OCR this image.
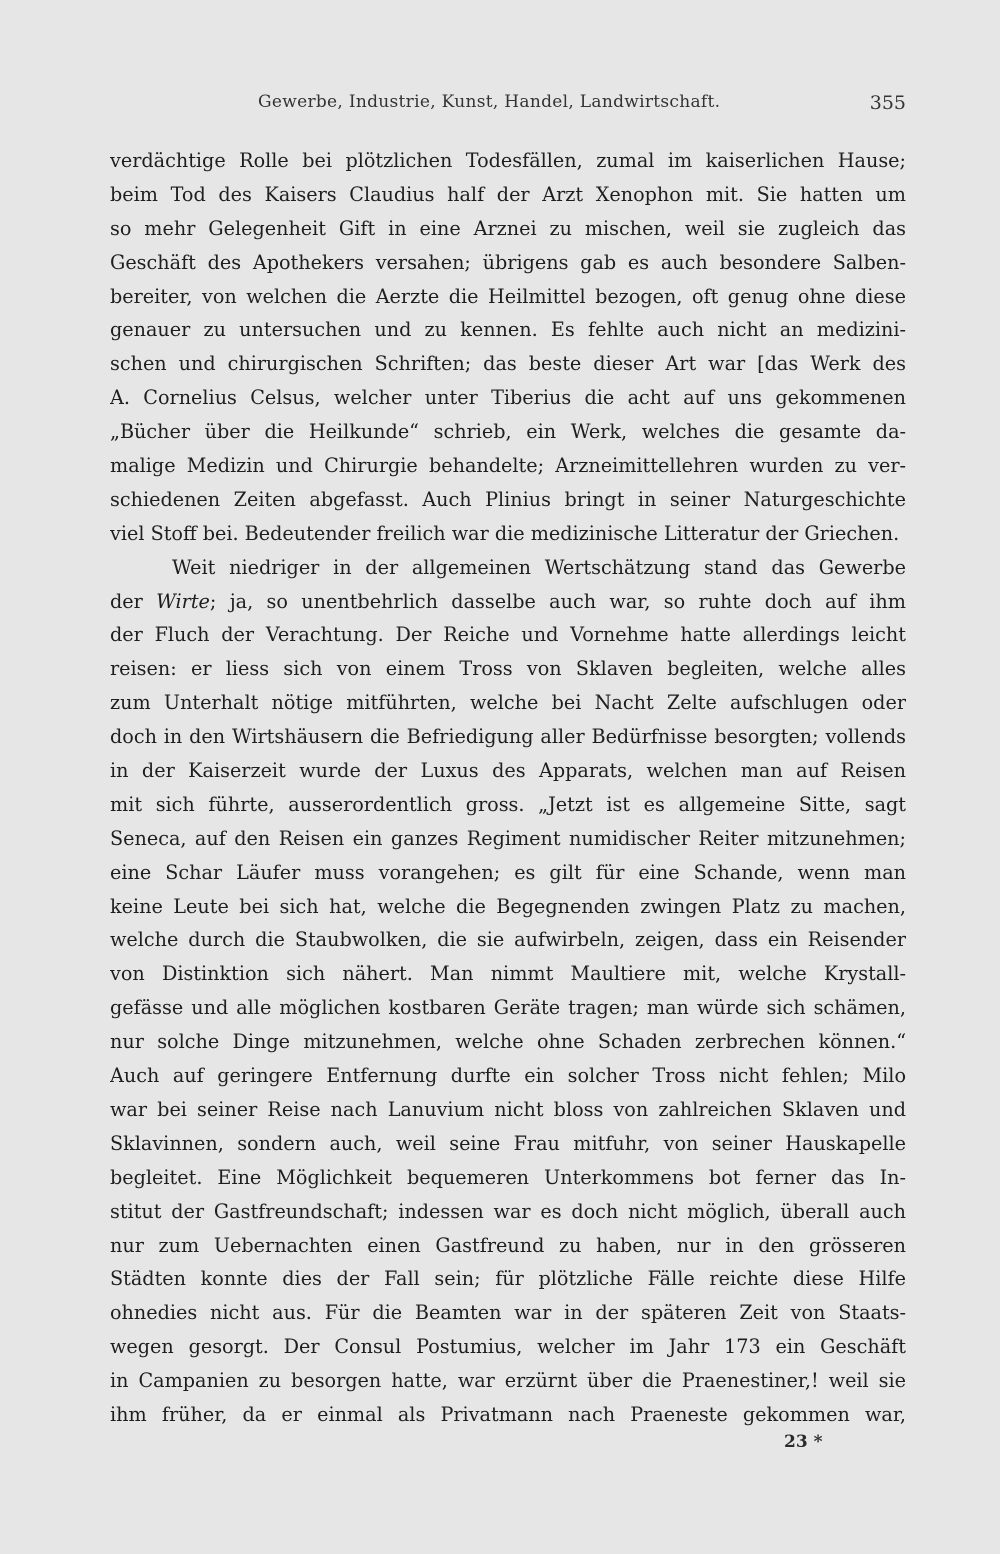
Gewerbe, Industrie, Kunst, Handel, Landwirtschaft.	355
verdächtige Rolle bei plötzlichen Todesfällen, zumal im kaiserlichen Hause;
beim Tod des Kaisers Claudius half der Arzt Xenophon mit. Sie hatten um
so mehr Gelegenheit Gift in eine Arznei zu mischen, weil sie zugleich das
Geschäft des Apothekers versahen; übrigens gab es auch besondere Salben-
bereiter, von welchen die Aerzte die Heilmittel bezogen, oft genug ohne diese
genauer zu untersuchen und zu kennen. Es fehlte auch nicht an medizini-
schen und chirurgischen Schriften; das beste dieser Art war [das Werk des
A. Cornelius Celsus, welcher unter Tiberius die acht auf uns gekommenen
„Bücher über die Heilkunde“ schrieb, ein Werk, welches die gesamte da-
malige Medizin und Chirurgie behandelte; Arzneimittellehren wurden zu ver-
schiedenen Zeiten abgefasst. Auch Plinius bringt in seiner Naturgeschichte
viel Stoff bei. Bedeutender freilich war die medizinische Litteratur der Griechen.
Weit niedriger in der allgemeinen Wertschätzung stand das Gewerbe
der Wirte; ja, so unentbehrlich dasselbe auch war, so ruhte doch auf ihm
der Fluch der Verachtung. Der Reiche und Vornehme hatte allerdings leicht
reisen: er liess sich von einem Tross von Sklaven begleiten, welche alles
zum Unterhalt nötige mitführten, welche bei Nacht Zelte aufschlugen oder
doch in den Wirtshäusern die Befriedigung aller Bedürfnisse besorgten; vollends
in der Kaiserzeit wurde der Luxus des Apparats, welchen man auf Reisen
mit sich führte, ausserordentlich gross. „Jetzt ist es allgemeine Sitte, sagt
Seneca, auf den Reisen ein ganzes Regiment numidischer Reiter mitzunehmen;
eine Schar Läufer muss vorangehen; es gilt für eine Schande, wenn man
keine Leute bei sich hat, welche die Begegnenden zwingen Platz zu machen,
welche durch die Staubwolken, die sie aufwirbeln, zeigen, dass ein Reisender
von Distinktion sich nähert. Man nimmt Maultiere mit, welche Krystall-
gefässe und alle möglichen kostbaren Geräte tragen; man würde sich schämen,
nur solche Dinge mitzunehmen, welche ohne Schaden zerbrechen können.“
Auch auf geringere Entfernung durfte ein solcher Tross nicht fehlen; Milo
war bei seiner Reise nach Lanuvium nicht bloss von zahlreichen Sklaven und
Sklavinnen, sondern auch, weil seine Frau mitfuhr, von seiner Hauskapelle
begleitet. Eine Möglichkeit bequemeren Unterkommens bot ferner das In-
stitut der Gastfreundschaft; indessen war es doch nicht möglich, überall auch
nur zum Uebernachten einen Gastfreund zu haben, nur in den grösseren
Städten konnte dies der Fall sein; für plötzliche Fälle reichte diese Hilfe
ohnedies nicht aus. Für die Beamten war in der späteren Zeit von Staats-
wegen gesorgt. Der Consul Postumius, welcher im Jahr 173 ein Geschäft
in Campanien zu besorgen hatte, war erzürnt über die Praenestiner,! weil sie
ihm früher, da er einmal als Privatmann nach Praeneste gekommen war,
23 *
